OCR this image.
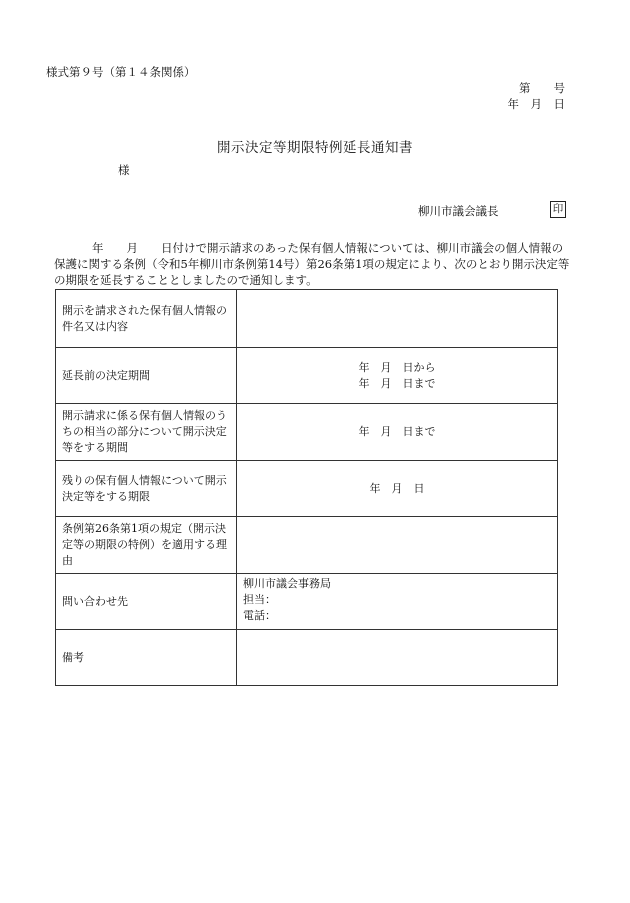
様式第９号（第１４条関係）
第　　号
年　月　日
開示決定等期限特例延長通知書
様
柳川市議会議長	印
年　　月　　日付けで開示請求のあった保有個人情報については、柳川市議会の個人情報の保護に関する条例（令和5年柳川市条例第14号）第26条第1項の規定により、次のとおり開示決定等の期限を延長することとしましたので通知します。
開示を請求された保有個人情報の件名又は内容	
延長前の決定期間	年　月　日から
年　月　日まで

開示請求に係る保有個人情報のうちの相当の部分について開示決定等をする期間	年　月　日まで

残りの保有個人情報について開示決定等をする期限	年　月　日

条例第26条第1項の規定（開示決定等の期限の特例）を適用する理由	
問い合わせ先	柳川市議会事務局
担当：
電話：

備考	
